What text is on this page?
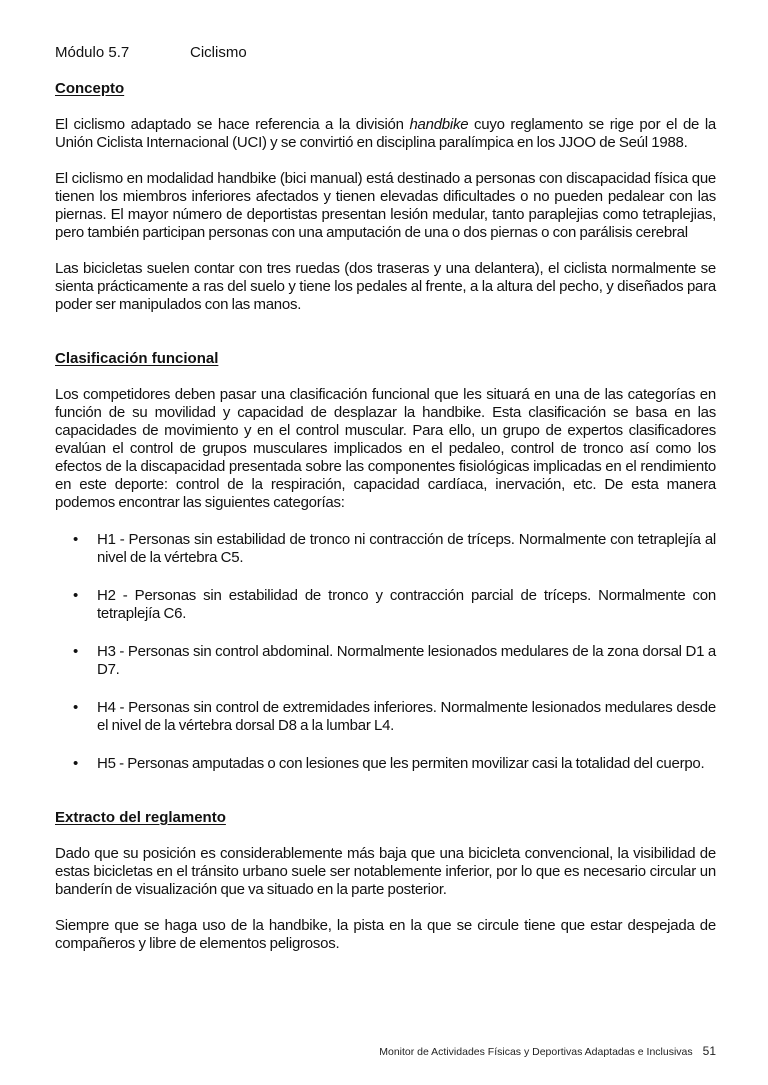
Módulo 5.7	Ciclismo
Concepto

El ciclismo adaptado se hace referencia a la división handbike cuyo reglamento se rige por el de la Unión Ciclista Internacional (UCI) y se convirtió en disciplina paralímpica en los JJOO de Seúl 1988.

El ciclismo en modalidad handbike (bici manual) está destinado a personas con discapacidad física que tienen los miembros inferiores afectados y tienen elevadas dificultades o no pueden pedalear con las piernas. El mayor número de deportistas presentan lesión medular, tanto paraplejias como tetraplejias, pero también participan personas con una amputación de una o dos piernas o con parálisis cerebral

Las bicicletas suelen contar con tres ruedas (dos traseras y una delantera), el ciclista normalmente se sienta prácticamente a ras del suelo y tiene los pedales al frente, a la altura del pecho, y diseñados para poder ser manipulados con las manos.

Clasificación funcional

Los competidores deben pasar una clasificación funcional que les situará en una de las categorías en función de su movilidad y capacidad de desplazar la handbike. Esta clasificación se basa en las capacidades de movimiento y en el control muscular. Para ello, un grupo de expertos clasificadores evalúan el control de grupos musculares implicados en el pedaleo, control de tronco así como los efectos de la discapacidad presentada sobre las componentes fisiológicas implicadas en el rendimiento en este deporte: control de la respiración, capacidad cardíaca, inervación, etc. De esta manera podemos encontrar las siguientes categorías:

• H1 - Personas sin estabilidad de tronco ni contracción de tríceps. Normalmente con tetraplejía al nivel de la vértebra C5.
• H2 - Personas sin estabilidad de tronco y contracción parcial de tríceps. Normalmente con tetraplejía C6.
• H3 - Personas sin control abdominal. Normalmente lesionados medulares de la zona dorsal D1 a D7.
• H4 - Personas sin control de extremidades inferiores. Normalmente lesionados medulares desde el nivel de la vértebra dorsal D8 a la lumbar L4.
• H5 - Personas amputadas o con lesiones que les permiten movilizar casi la totalidad del cuerpo.
Extracto del reglamento

Dado que su posición es considerablemente más baja que una bicicleta convencional, la visibilidad de estas bicicletas en el tránsito urbano suele ser notablemente inferior, por lo que es necesario circular un banderín de visualización que va situado en la parte posterior.

Siempre que se haga uso de la handbike, la pista en la que se circule tiene que estar despejada de compañeros y libre de elementos peligrosos.

Monitor de Actividades Físicas y Deportivas Adaptadas e Inclusivas 51
